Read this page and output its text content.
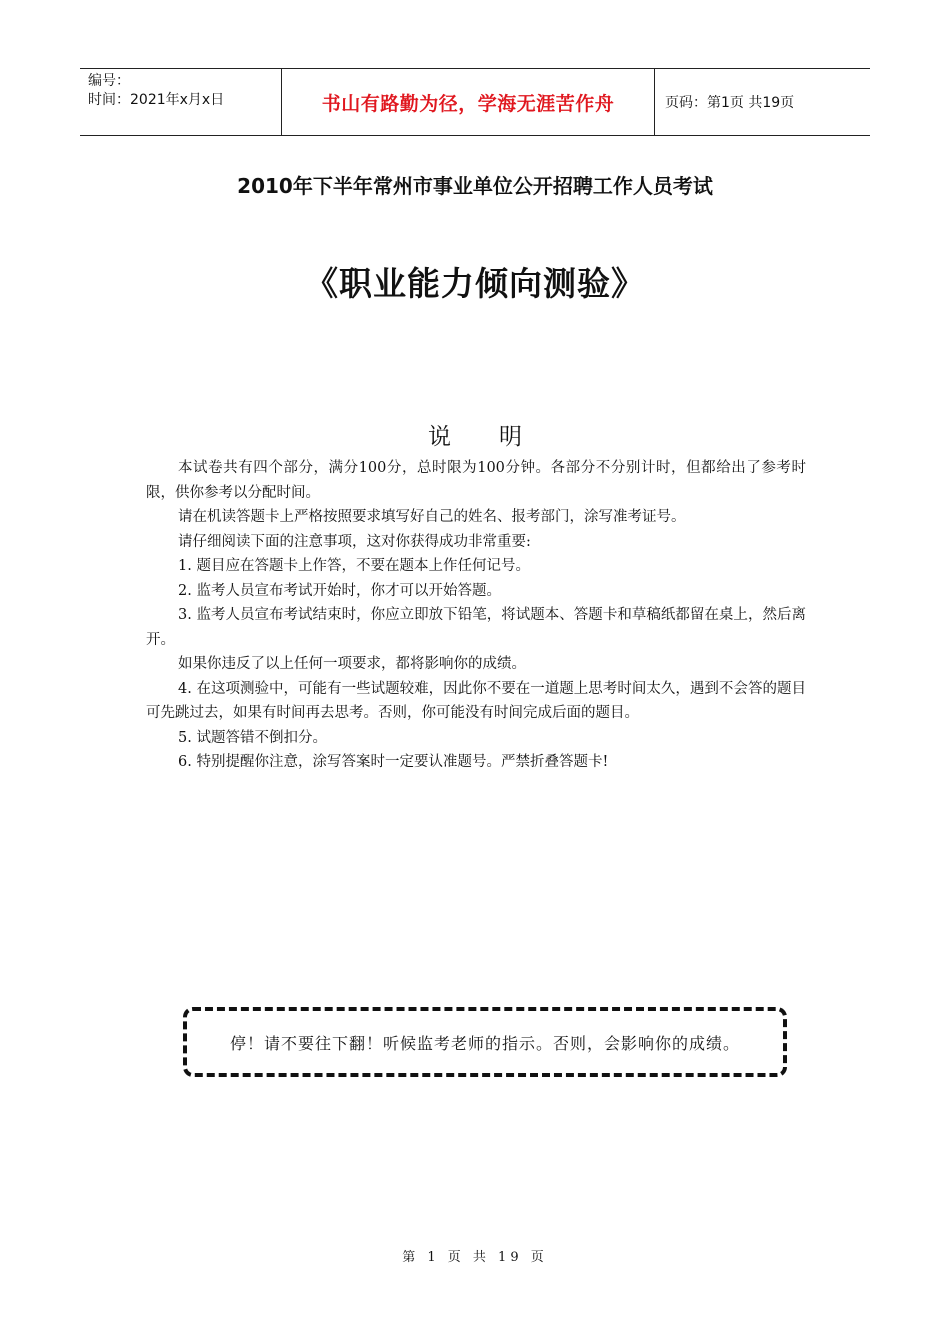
编号：
时间：2021年x月x日	书山有路勤为径，学海无涯苦作舟	页码：第1页 共19页
2010年下半年常州市事业单位公开招聘工作人员考试
《职业能力倾向测验》
说明

本试卷共有四个部分，满分100分，总时限为100分钟。各部分不分别计时，但都给出了参考时限，供你参考以分配时间。

请在机读答题卡上严格按照要求填写好自己的姓名、报考部门，涂写准考证号。

请仔细阅读下面的注意事项，这对你获得成功非常重要:

1. 题目应在答题卡上作答，不要在题本上作任何记号。

2. 监考人员宣布考试开始时，你才可以开始答题。

3. 监考人员宣布考试结束时，你应立即放下铅笔，将试题本、答题卡和草稿纸都留在桌上，然后离开。

如果你违反了以上任何一项要求，都将影响你的成绩。

4. 在这项测验中，可能有一些试题较难，因此你不要在一道题上思考时间太久，遇到不会答的题目可先跳过去，如果有时间再去思考。否则，你可能没有时间完成后面的题目。

5. 试题答错不倒扣分。

6. 特别提醒你注意，涂写答案时一定要认准题号。严禁折叠答题卡!

停！请不要往下翻！听候监考老师的指示。否则，会影响你的成绩。
第 1 页 共 19 页
